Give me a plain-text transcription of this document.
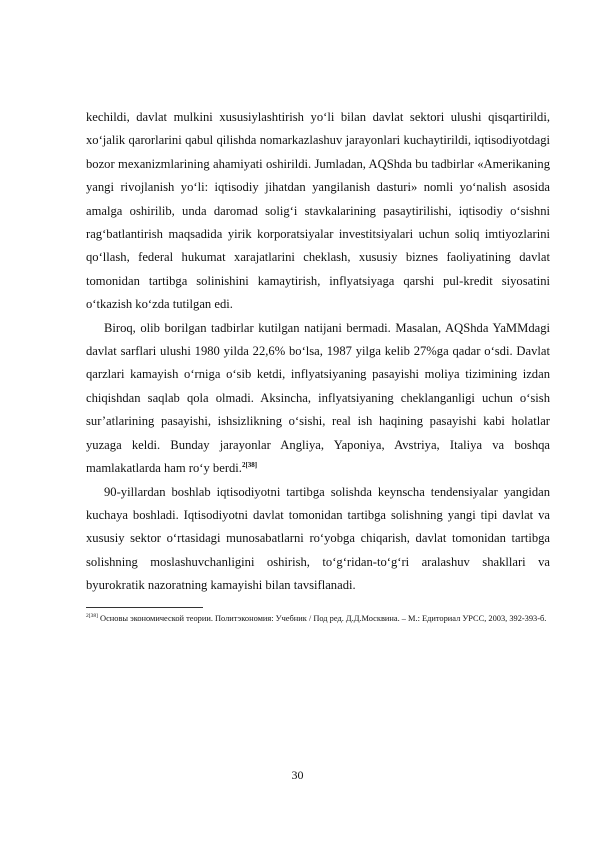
kechildi, davlat mulkini xususiylashtirish yo‘li bilan davlat sektori ulushi qisqartirildi, xo‘jalik qarorlarini qabul qilishda nomarkazlashuv jarayonlari kuchaytirildi, iqtisodiyotdagi bozor mexanizmlarining ahamiyati oshirildi. Jumladan, AQShda bu tadbirlar «Amerikaning yangi rivojlanish yo‘li: iqtisodiy jihatdan yangilanish dasturi» nomli yo‘nalish asosida amalga oshirilib, unda daromad solig‘i stavkalarining pasaytirilishi, iqtisodiy o‘sishni rag‘batlantirish maqsadida yirik korporatsiyalar investitsiyalari uchun soliq imtiyozlarini qo‘llash, federal hukumat xarajatlarini cheklash, xususiy biznes faoliyatining davlat tomonidan tartibga solinishini kamaytirish, inflyatsiyaga qarshi pul-kredit siyosatini o‘tkazish ko‘zda tutilgan edi.

Biroq, olib borilgan tadbirlar kutilgan natijani bermadi. Masalan, AQShda YaMMdagi davlat sarflari ulushi 1980 yilda 22,6% bo‘lsa, 1987 yilga kelib 27%ga qadar o‘sdi. Davlat qarzlari kamayish o‘rniga o‘sib ketdi, inflyatsiyaning pasayishi moliya tizimining izdan chiqishdan saqlab qola olmadi. Aksincha, inflyatsiyaning cheklanganligi uchun o‘sish sur’atlarining pasayishi, ishsizlikning o‘sishi, real ish haqining pasayishi kabi holatlar yuzaga keldi. Bunday jarayonlar Angliya, Yaponiya, Avstriya, Italiya va boshqa mamlakatlarda ham ro‘y berdi.$^{2[38]}$

90-yillardan boshlab iqtisodiyotni tartibga solishda keynscha tendensiyalar yangidan kuchaya boshladi. Iqtisodiyotni davlat tomonidan tartibga solishning yangi tipi davlat va xususiy sektor o‘rtasidagi munosabatlarni ro‘yobga chiqarish, davlat tomonidan tartibga solishning moslashuvchanligini oshirish, to‘g‘ridan-to‘g‘ri aralashuv shakllari va byurokratik nazoratning kamayishi bilan tavsiflanadi.

$^{2[38]}$ Основы экономической теории. Политэкономия: Учебник / Под ред. Д.Д.Москвина. – М.: Едиториал УРСС, 2003, 392-393-б.

30
